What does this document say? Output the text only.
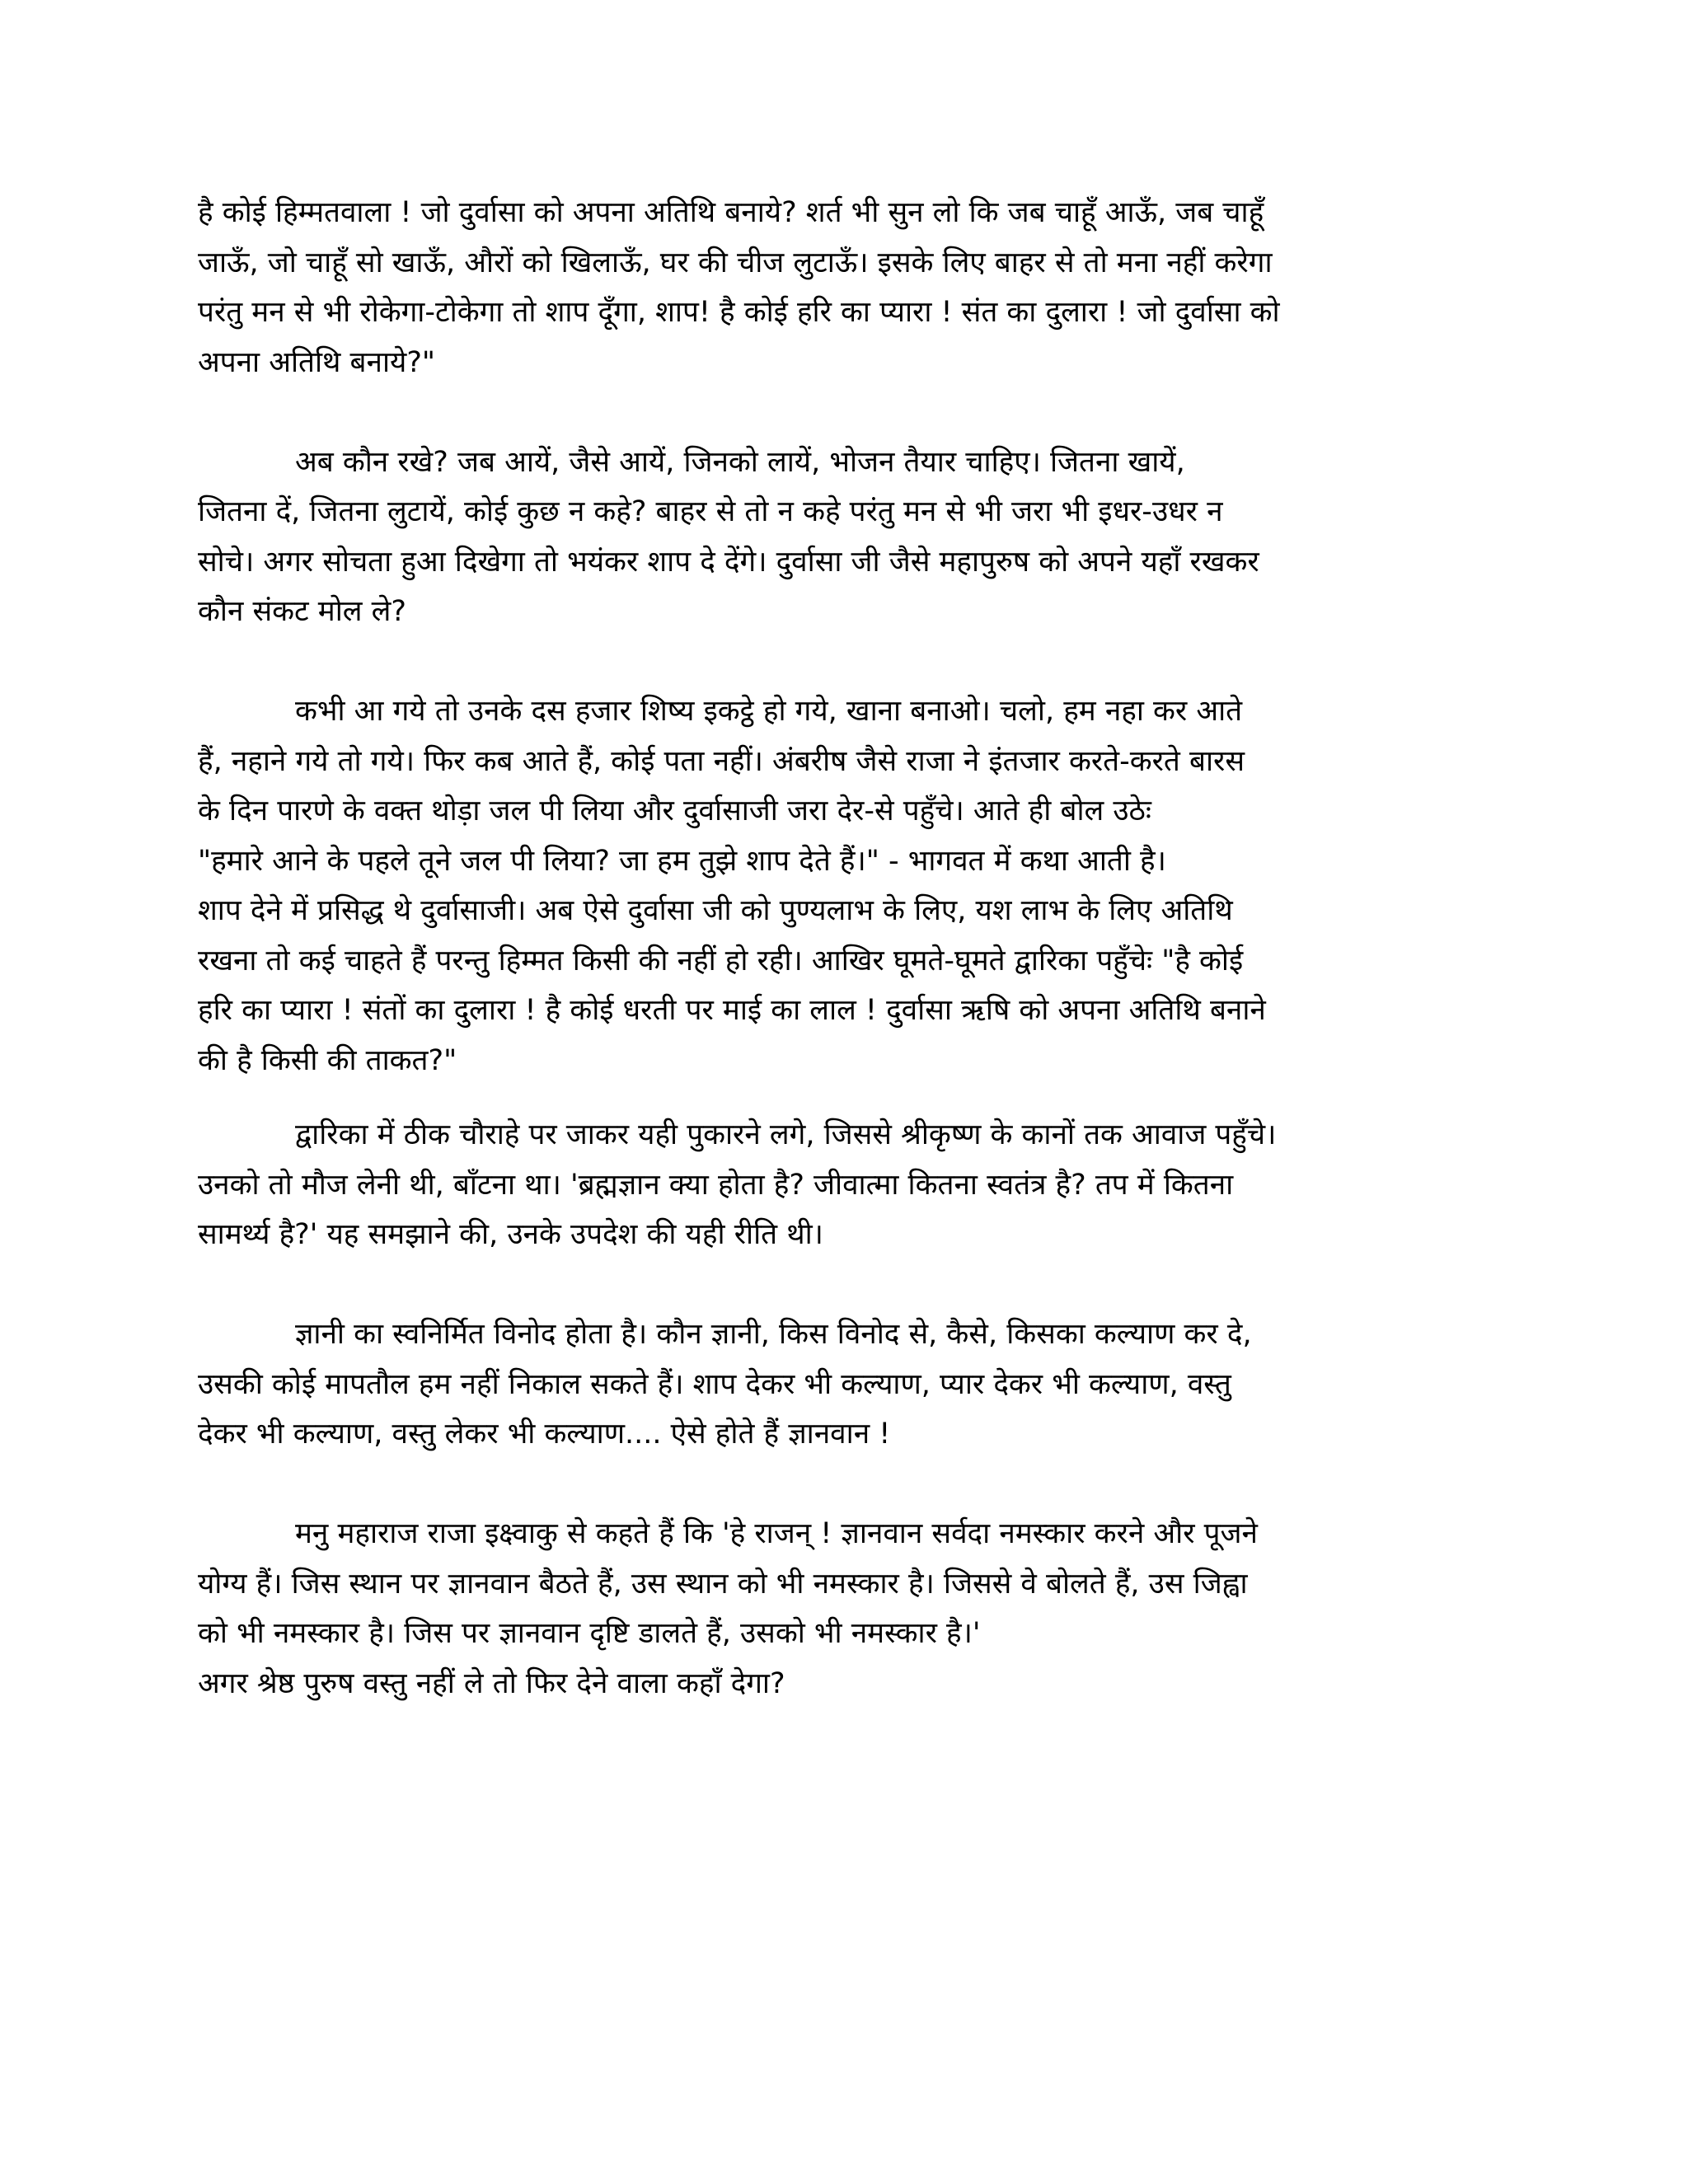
है कोई हिम्मतवाला ! जो दुर्वासा को अपना अतिथि बनाये? शर्त भी सुन लो कि जब चाहूँ आऊँ, जब चाहूँ
जाऊँ, जो चाहूँ सो खाऊँ, औरों को खिलाऊँ, घर की चीज लुटाऊँ। इसके लिए बाहर से तो मना नहीं करेगा
परंतु मन से भी रोकेगा-टोकेगा तो शाप दूँगा, शाप! है कोई हरि का प्यारा ! संत का दुलारा ! जो दुर्वासा को
अपना अतिथि बनाये?"

अब कौन रखे? जब आयें, जैसे आयें, जिनको लायें, भोजन तैयार चाहिए। जितना खायें,
जितना दें, जितना लुटायें, कोई कुछ न कहे? बाहर से तो न कहे परंतु मन से भी जरा भी इधर-उधर न
सोचे। अगर सोचता हुआ दिखेगा तो भयंकर शाप दे देंगे। दुर्वासा जी जैसे महापुरुष को अपने यहाँ रखकर
कौन संकट मोल ले?

कभी आ गये तो उनके दस हजार शिष्य इकट्ठे हो गये, खाना बनाओ। चलो, हम नहा कर आते
हैं, नहाने गये तो गये। फिर कब आते हैं, कोई पता नहीं। अंबरीष जैसे राजा ने इंतजार करते-करते बारस
के दिन पारणे के वक्त थोड़ा जल पी लिया और दुर्वासाजी जरा देर-से पहुँचे। आते ही बोल उठेः
"हमारे आने के पहले तूने जल पी लिया? जा हम तुझे शाप देते हैं।" - भागवत में कथा आती है।
शाप देने में प्रसिद्ध थे दुर्वासाजी। अब ऐसे दुर्वासा जी को पुण्यलाभ के लिए, यश लाभ के लिए अतिथि
रखना तो कई चाहते हैं परन्तु हिम्मत किसी की नहीं हो रही। आखिर घूमते-घूमते द्वारिका पहुँचेः "है कोई
हरि का प्यारा ! संतों का दुलारा ! है कोई धरती पर माई का लाल ! दुर्वासा ऋषि को अपना अतिथि बनाने
की है किसी की ताकत?"

द्वारिका में ठीक चौराहे पर जाकर यही पुकारने लगे, जिससे श्रीकृष्ण के कानों तक आवाज पहुँचे।
उनको तो मौज लेनी थी, बाँटना था। 'ब्रह्मज्ञान क्या होता है? जीवात्मा कितना स्वतंत्र है? तप में कितना
सामर्थ्य है?' यह समझाने की, उनके उपदेश की यही रीति थी।

ज्ञानी का स्वनिर्मित विनोद होता है। कौन ज्ञानी, किस विनोद से, कैसे, किसका कल्याण कर दे,
उसकी कोई मापतौल हम नहीं निकाल सकते हैं। शाप देकर भी कल्याण, प्यार देकर भी कल्याण, वस्तु
देकर भी कल्याण, वस्तु लेकर भी कल्याण.... ऐसे होते हैं ज्ञानवान !

मनु महाराज राजा इक्ष्वाकु से कहते हैं कि 'हे राजन् ! ज्ञानवान सर्वदा नमस्कार करने और पूजने
योग्य हैं। जिस स्थान पर ज्ञानवान बैठते हैं, उस स्थान को भी नमस्कार है। जिससे वे बोलते हैं, उस जिह्वा
को भी नमस्कार है। जिस पर ज्ञानवान दृष्टि डालते हैं, उसको भी नमस्कार है।'

अगर श्रेष्ठ पुरुष वस्तु नहीं ले तो फिर देने वाला कहाँ देगा?
